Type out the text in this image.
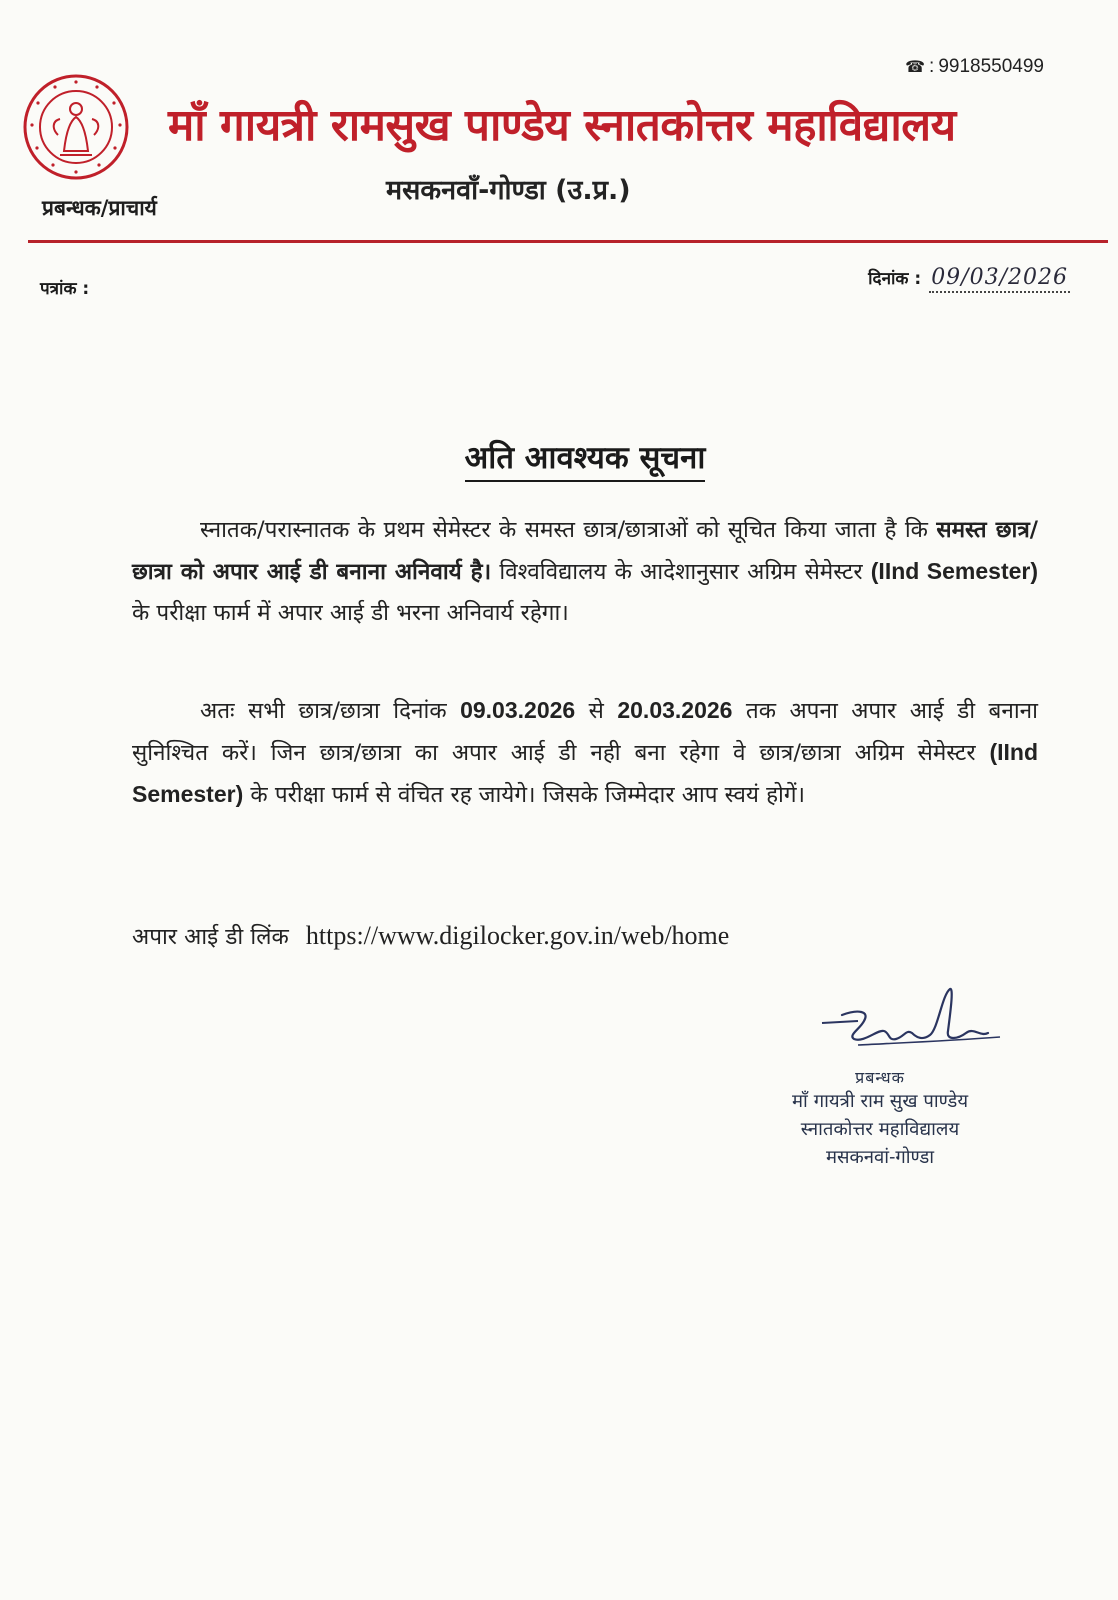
☎ : 9918550499
माँ गायत्री रामसुख पाण्डेय स्नातकोत्तर महाविद्यालय
मसकनवाँ-गोण्डा (उ.प्र.)
प्रबन्धक/प्राचार्य
पत्रांक :	दिनांक : 09/03/2026
अति आवश्यक सूचना
स्नातक/परास्नातक के प्रथम सेमेस्टर के समस्त छात्र/छात्राओं को सूचित किया जाता है कि समस्त छात्र/छात्रा को अपार आई डी बनाना अनिवार्य है। विश्वविद्यालय के आदेशानुसार अग्रिम सेमेस्टर (IInd Semester) के परीक्षा फार्म में अपार आई डी भरना अनिवार्य रहेगा।
अतः सभी छात्र/छात्रा दिनांक 09.03.2026 से 20.03.2026 तक अपना अपार आई डी बनाना सुनिश्चित करें। जिन छात्र/छात्रा का अपार आई डी नही बना रहेगा वे छात्र/छात्रा अग्रिम सेमेस्टर (IInd Semester) के परीक्षा फार्म से वंचित रह जायेगे। जिसके जिम्मेदार आप स्वयं होगें।
अपार आई डी लिंक https://www.digilocker.gov.in/web/home
प्रबन्धक
माँ गायत्री राम सुख पाण्डेय
स्नातकोत्तर महाविद्यालय
मसकनवां-गोण्डा
